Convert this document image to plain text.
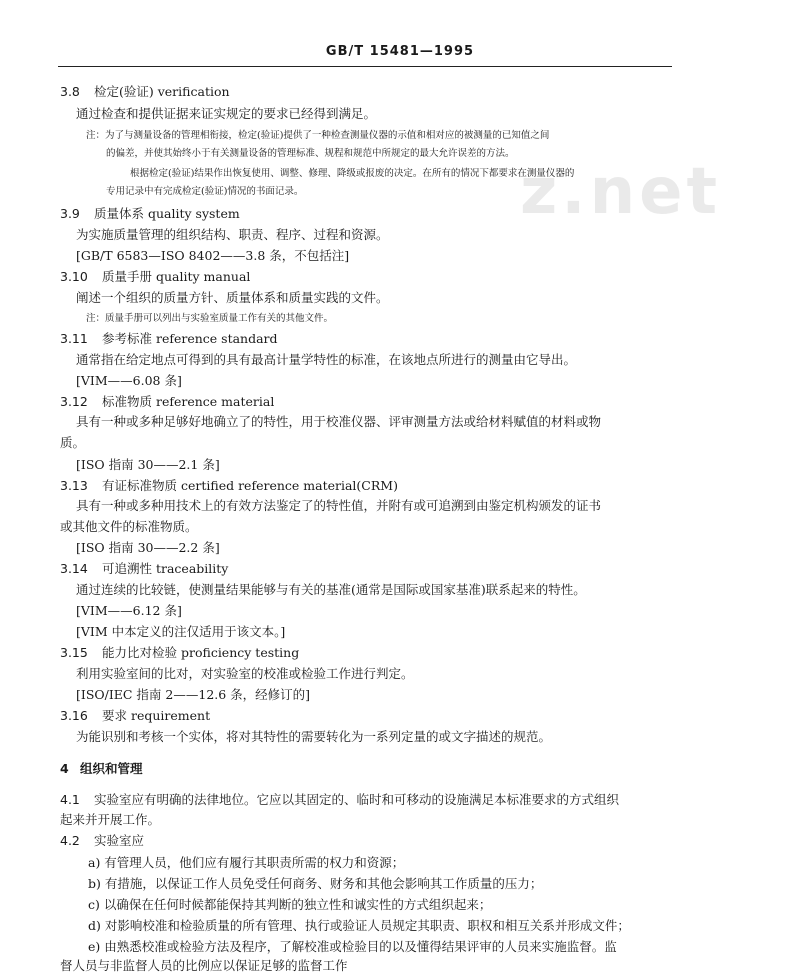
GB/T 15481—1995
z.net
3.8 检定(验证) verification
通过检查和提供证据来证实规定的要求已经得到满足。
注：为了与测量设备的管理相衔接，检定(验证)提供了一种检查测量仪器的示值和相对应的被测量的已知值之间
的偏差，并使其始终小于有关测量设备的管理标准、规程和规范中所规定的最大允许误差的方法。
根据检定(验证)结果作出恢复使用、调整、修理、降级或报废的决定。在所有的情况下都要求在测量仪器的
专用记录中有完成检定(验证)情况的书面记录。
3.9 质量体系 quality system
为实施质量管理的组织结构、职责、程序、过程和资源。
[GB/T 6583—ISO 8402——3.8 条，不包括注]
3.10 质量手册 quality manual
阐述一个组织的质量方针、质量体系和质量实践的文件。
注：质量手册可以列出与实验室质量工作有关的其他文件。
3.11 参考标准 reference standard
通常指在给定地点可得到的具有最高计量学特性的标准，在该地点所进行的测量由它导出。
[VIM——6.08 条]
3.12 标准物质 reference material
具有一种或多种足够好地确立了的特性，用于校准仪器、评审测量方法或给材料赋值的材料或物
质。
[ISO 指南 30——2.1 条]
3.13 有证标准物质 certified reference material(CRM)
具有一种或多种用技术上的有效方法鉴定了的特性值，并附有或可追溯到由鉴定机构颁发的证书
或其他文件的标准物质。
[ISO 指南 30——2.2 条]
3.14 可追溯性 traceability
通过连续的比较链，使测量结果能够与有关的基准(通常是国际或国家基准)联系起来的特性。
[VIM——6.12 条]
[VIM 中本定义的注仅适用于该文本。]
3.15 能力比对检验 proficiency testing
利用实验室间的比对，对实验室的校准或检验工作进行判定。
[ISO/IEC 指南 2——12.6 条，经修订的]
3.16 要求 requirement
为能识别和考核一个实体，将对其特性的需要转化为一系列定量的或文字描述的规范。
4 组织和管理
4.1 实验室应有明确的法律地位。它应以其固定的、临时和可移动的设施满足本标准要求的方式组织
起来并开展工作。
4.2 实验室应
a) 有管理人员，他们应有履行其职责所需的权力和资源；
b) 有措施，以保证工作人员免受任何商务、财务和其他会影响其工作质量的压力；
c) 以确保在任何时候都能保持其判断的独立性和诚实性的方式组织起来；
d) 对影响校准和检验质量的所有管理、执行或验证人员规定其职责、职权和相互关系并形成文件；
e) 由熟悉校准或检验方法及程序，了解校准或检验目的以及懂得结果评审的人员来实施监督。监
督人员与非监督人员的比例应以保证足够的监督工作
